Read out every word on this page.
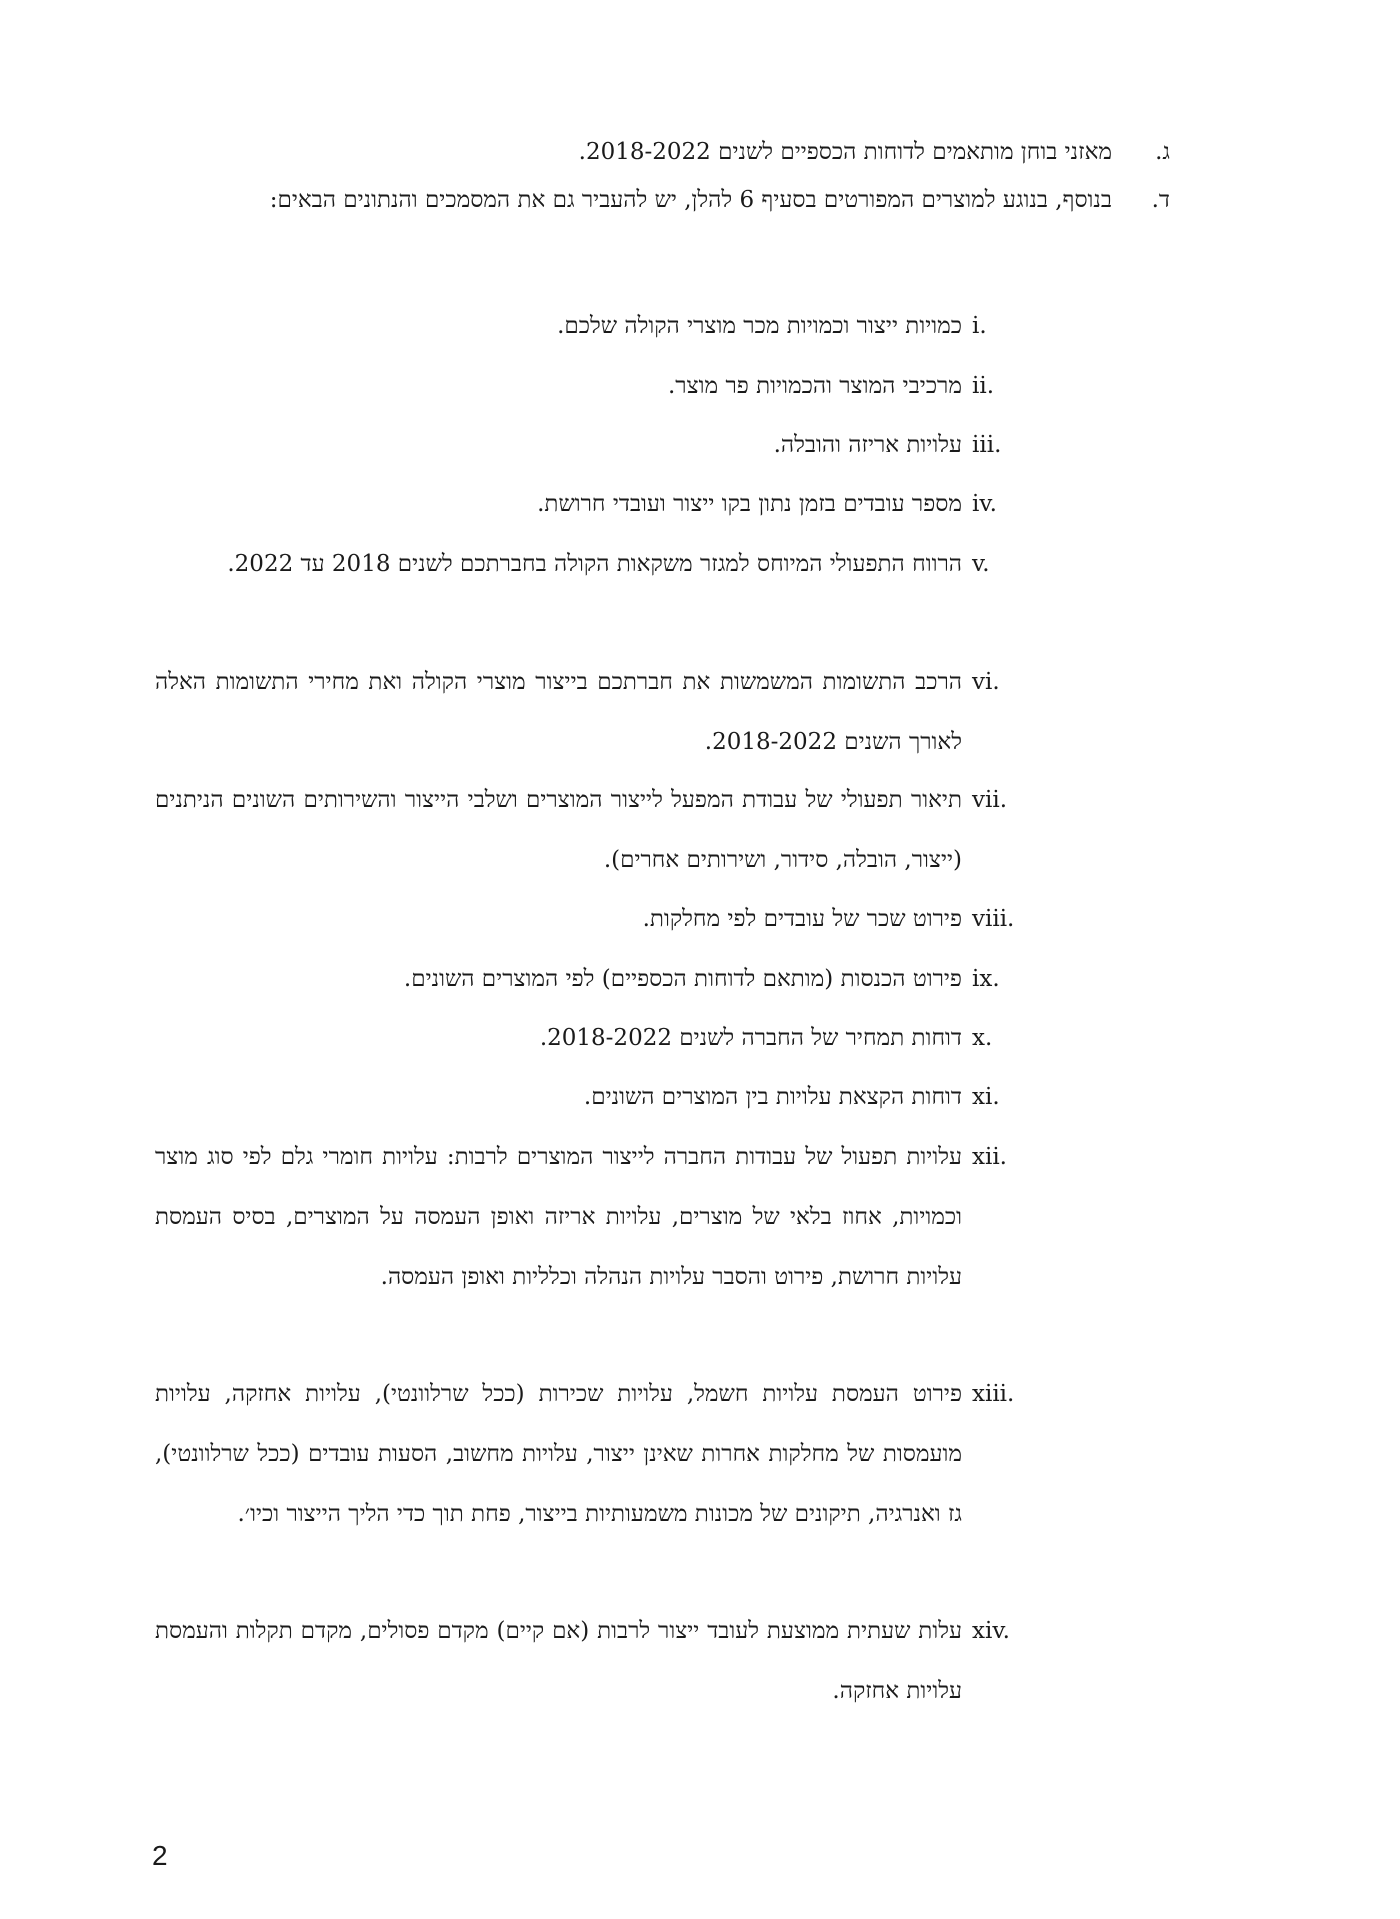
ג.
מאזני בוחן מותאמים לדוחות הכספיים לשנים 2018-2022.
ד.
בנוסף, בנוגע למוצרים המפורטים בסעיף 6 להלן, יש להעביר גם את המסמכים והנתונים הבאים:
i.
כמויות ייצור וכמויות מכר מוצרי הקולה שלכם.
ii.
מרכיבי המוצר והכמויות פר מוצר.
iii.
עלויות אריזה והובלה.
iv.
מספר עובדים בזמן נתון בקו ייצור ועובדי חרושת.
v.
הרווח התפעולי המיוחס למגזר משקאות הקולה בחברתכם לשנים 2018 עד 2022.
vi.
הרכב התשומות המשמשות את חברתכם בייצור מוצרי הקולה ואת מחירי התשומות האלה לאורך השנים 2018-2022.
vii.
תיאור תפעולי של עבודת המפעל לייצור המוצרים ושלבי הייצור והשירותים השונים הניתנים (ייצור, הובלה, סידור, ושירותים אחרים).
viii.
פירוט שכר של עובדים לפי מחלקות.
ix.
פירוט הכנסות (מותאם לדוחות הכספיים) לפי המוצרים השונים.
x.
דוחות תמחיר של החברה לשנים 2018-2022.
xi.
דוחות הקצאת עלויות בין המוצרים השונים.
xii.
עלויות תפעול של עבודות החברה לייצור המוצרים לרבות: עלויות חומרי גלם לפי סוג מוצר וכמויות, אחוז בלאי של מוצרים, עלויות אריזה ואופן העמסה על המוצרים, בסיס העמסת עלויות חרושת, פירוט והסבר עלויות הנהלה וכלליות ואופן העמסה.
xiii.
פירוט העמסת עלויות חשמל, עלויות שכירות (ככל שרלוונטי), עלויות אחזקה, עלויות מועמסות של מחלקות אחרות שאינן ייצור, עלויות מחשוב, הסעות עובדים (ככל שרלוונטי), גז ואנרגיה, תיקונים של מכונות משמעותיות בייצור, פחת תוך כדי הליך הייצור וכיו׳.
xiv.
עלות שעתית ממוצעת לעובד ייצור לרבות (אם קיים) מקדם פסולים, מקדם תקלות והעמסת עלויות אחזקה.
2
